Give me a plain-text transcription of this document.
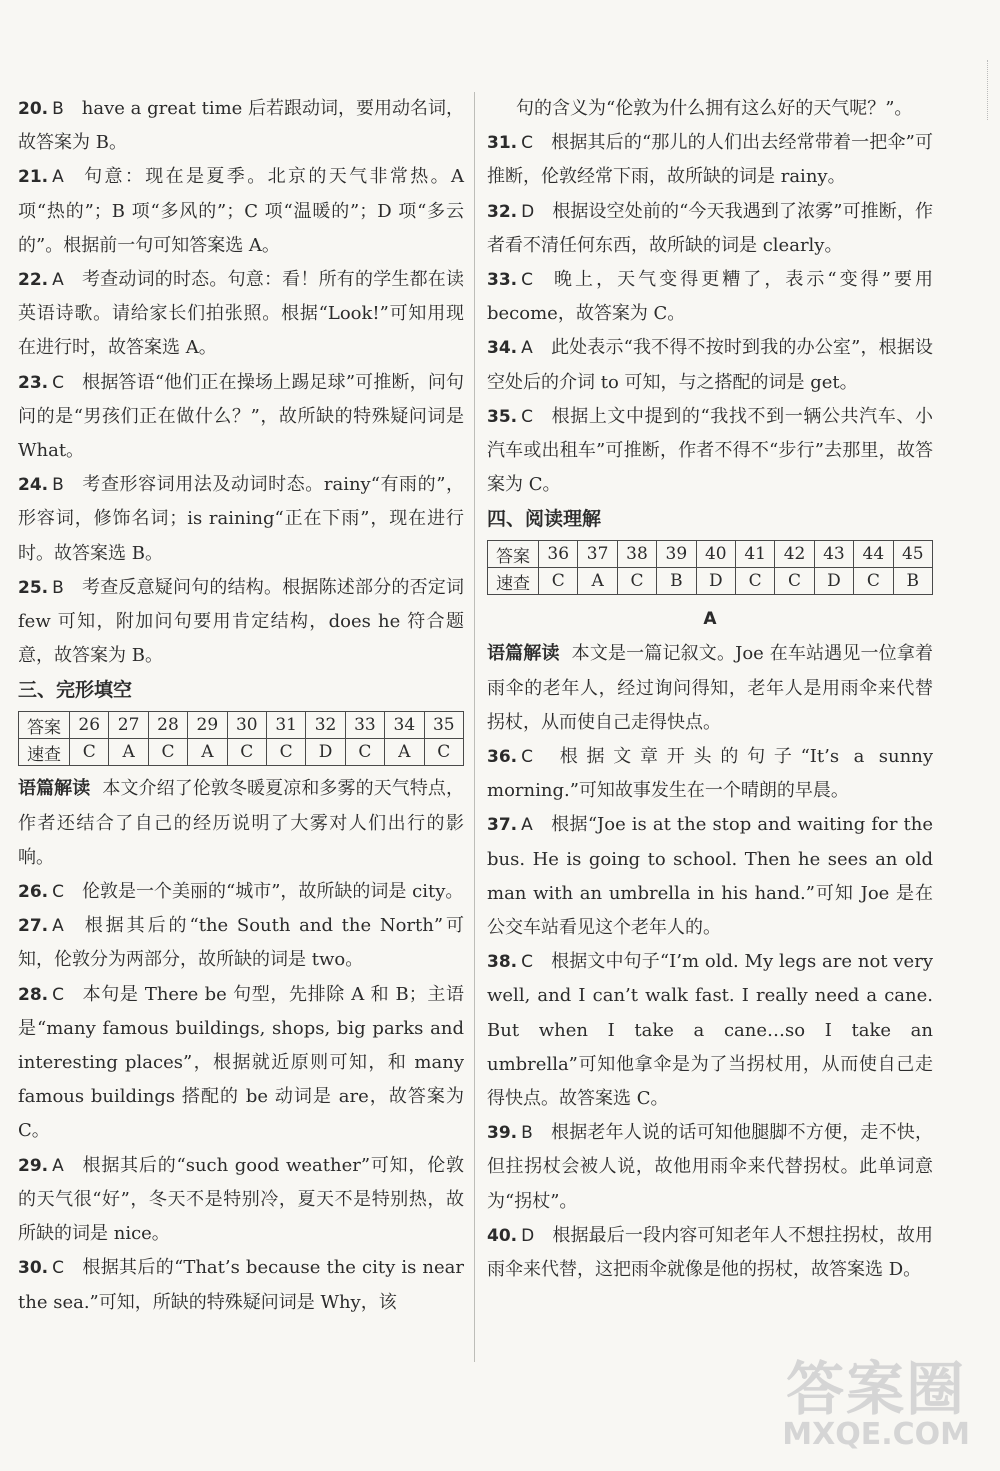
20. B have a great time 后若跟动词，要用动名词，故答案为 B。
21. A 句意：现在是夏季。北京的天气非常热。A 项“热的”；B 项“多风的”；C 项“温暖的”；D 项“多云的”。根据前一句可知答案选 A。
22. A 考查动词的时态。句意：看！所有的学生都在读英语诗歌。请给家长们拍张照。根据“Look!”可知用现在进行时，故答案选 A。
23. C 根据答语“他们正在操场上踢足球”可推断，问句问的是“男孩们正在做什么？”，故所缺的特殊疑问词是 What。
24. B 考查形容词用法及动词时态。rainy“有雨的”，形容词，修饰名词；is raining“正在下雨”，现在进行时。故答案选 B。
25. B 考查反意疑问句的结构。根据陈述部分的否定词 few 可知，附加问句要用肯定结构，does he 符合题意，故答案为 B。
三、完形填空
答案	26	27	28	29	30	31	32	33	34	35
速查	C	A	C	A	C	C	D	C	A	C
语篇解读 本文介绍了伦敦冬暖夏凉和多雾的天气特点，作者还结合了自己的经历说明了大雾对人们出行的影响。
26. C 伦敦是一个美丽的“城市”，故所缺的词是 city。
27. A 根据其后的“the South and the North”可知，伦敦分为两部分，故所缺的词是 two。
28. C 本句是 There be 句型，先排除 A 和 B；主语是“many famous buildings, shops, big parks and interesting places”，根据就近原则可知，和 many famous buildings 搭配的 be 动词是 are，故答案为 C。
29. A 根据其后的“such good weather”可知，伦敦的天气很“好”，冬天不是特别冷，夏天不是特别热，故所缺的词是 nice。
30. C 根据其后的“That’s because the city is near the sea.”可知，所缺的特殊疑问词是 Why，该
句的含义为“伦敦为什么拥有这么好的天气呢？”。
31. C 根据其后的“那儿的人们出去经常带着一把伞”可推断，伦敦经常下雨，故所缺的词是 rainy。
32. D 根据设空处前的“今天我遇到了浓雾”可推断，作者看不清任何东西，故所缺的词是 clearly。
33. C 晚上，天气变得更糟了，表示“变得”要用 become，故答案为 C。
34. A 此处表示“我不得不按时到我的办公室”，根据设空处后的介词 to 可知，与之搭配的词是 get。
35. C 根据上文中提到的“我找不到一辆公共汽车、小汽车或出租车”可推断，作者不得不“步行”去那里，故答案为 C。
四、阅读理解
答案	36	37	38	39	40	41	42	43	44	45
速查	C	A	C	B	D	C	C	D	C	B
A
语篇解读 本文是一篇记叙文。Joe 在车站遇见一位拿着雨伞的老年人，经过询问得知，老年人是用雨伞来代替拐杖，从而使自己走得快点。
36. C 根据文章开头的句子“It’s a sunny morning.”可知故事发生在一个晴朗的早晨。
37. A 根据“Joe is at the stop and waiting for the bus. He is going to school. Then he sees an old man with an umbrella in his hand.”可知 Joe 是在公交车站看见这个老年人的。
38. C 根据文中句子“I’m old. My legs are not very well, and I can’t walk fast. I really need a cane. But when I take a cane…so I take an umbrella”可知他拿伞是为了当拐杖用，从而使自己走得快点。故答案选 C。
39. B 根据老年人说的话可知他腿脚不方便，走不快，但拄拐杖会被人说，故他用雨伞来代替拐杖。此单词意为“拐杖”。
40. D 根据最后一段内容可知老年人不想拄拐杖，故用雨伞来代替，这把雨伞就像是他的拐杖，故答案选 D。
答案圈
MXQE.COM
